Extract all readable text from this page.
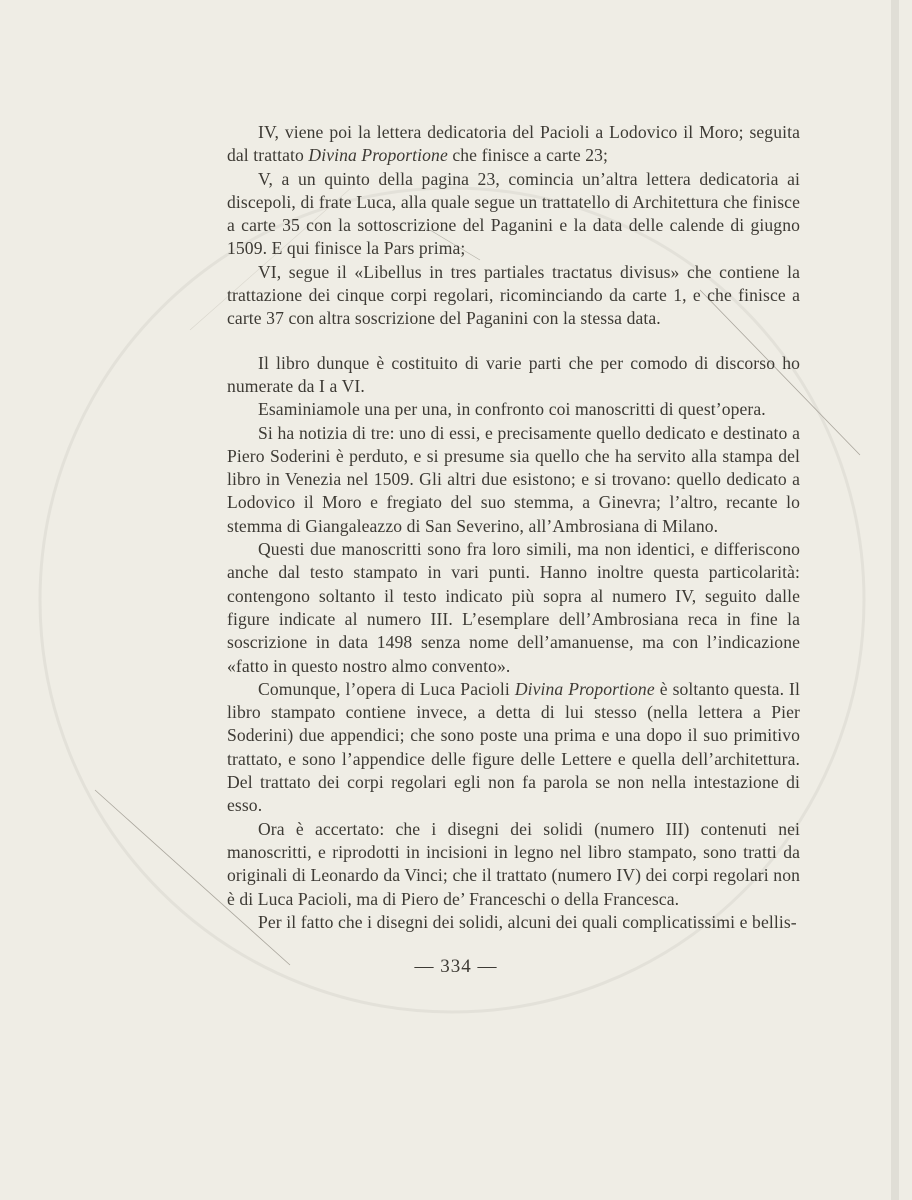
IV, viene poi la lettera dedicatoria del Pacioli a Lodovico il Moro; seguita dal trattato Divina Proportione che finisce a carte 23;

V, a un quinto della pagina 23, comincia un’altra lettera dedicatoria ai discepoli, di frate Luca, alla quale segue un trattatello di Architettura che finisce a carte 35 con la sottoscrizione del Paganini e la data delle calende di giugno 1509. E qui finisce la Pars prima;

VI, segue il «Libellus in tres partiales tractatus divisus» che contiene la trattazione dei cinque corpi regolari, ricominciando da carte 1, e che finisce a carte 37 con altra soscrizione del Paganini con la stessa data.

Il libro dunque è costituito di varie parti che per comodo di discorso ho numerate da I a VI.

Esaminiamole una per una, in confronto coi manoscritti di quest’opera.

Si ha notizia di tre: uno di essi, e precisamente quello dedicato e destinato a Piero Soderini è perduto, e si presume sia quello che ha servito alla stampa del libro in Venezia nel 1509. Gli altri due esistono; e si trovano: quello dedicato a Lodovico il Moro e fregiato del suo stemma, a Ginevra; l’altro, recante lo stemma di Giangaleazzo di San Severino, all’Ambrosiana di Milano.

Questi due manoscritti sono fra loro simili, ma non identici, e differiscono anche dal testo stampato in vari punti. Hanno inoltre questa particolarità: contengono soltanto il testo indicato più sopra al numero IV, seguito dalle figure indicate al numero III. L’esemplare dell’Ambrosiana reca in fine la soscrizione in data 1498 senza nome dell’amanuense, ma con l’indicazione «fatto in questo nostro almo convento».

Comunque, l’opera di Luca Pacioli Divina Proportione è soltanto questa. Il libro stampato contiene invece, a detta di lui stesso (nella lettera a Pier Soderini) due appendici; che sono poste una prima e una dopo il suo primitivo trattato, e sono l’appendice delle figure delle Lettere e quella dell’architettura. Del trattato dei corpi regolari egli non fa parola se non nella intestazione di esso.

Ora è accertato: che i disegni dei solidi (numero III) contenuti nei manoscritti, e riprodotti in incisioni in legno nel libro stampato, sono tratti da originali di Leonardo da Vinci; che il trattato (numero IV) dei corpi regolari non è di Luca Pacioli, ma di Piero de’ Franceschi o della Francesca.

Per il fatto che i disegni dei solidi, alcuni dei quali complicatissimi e bellis-

— 334 —
